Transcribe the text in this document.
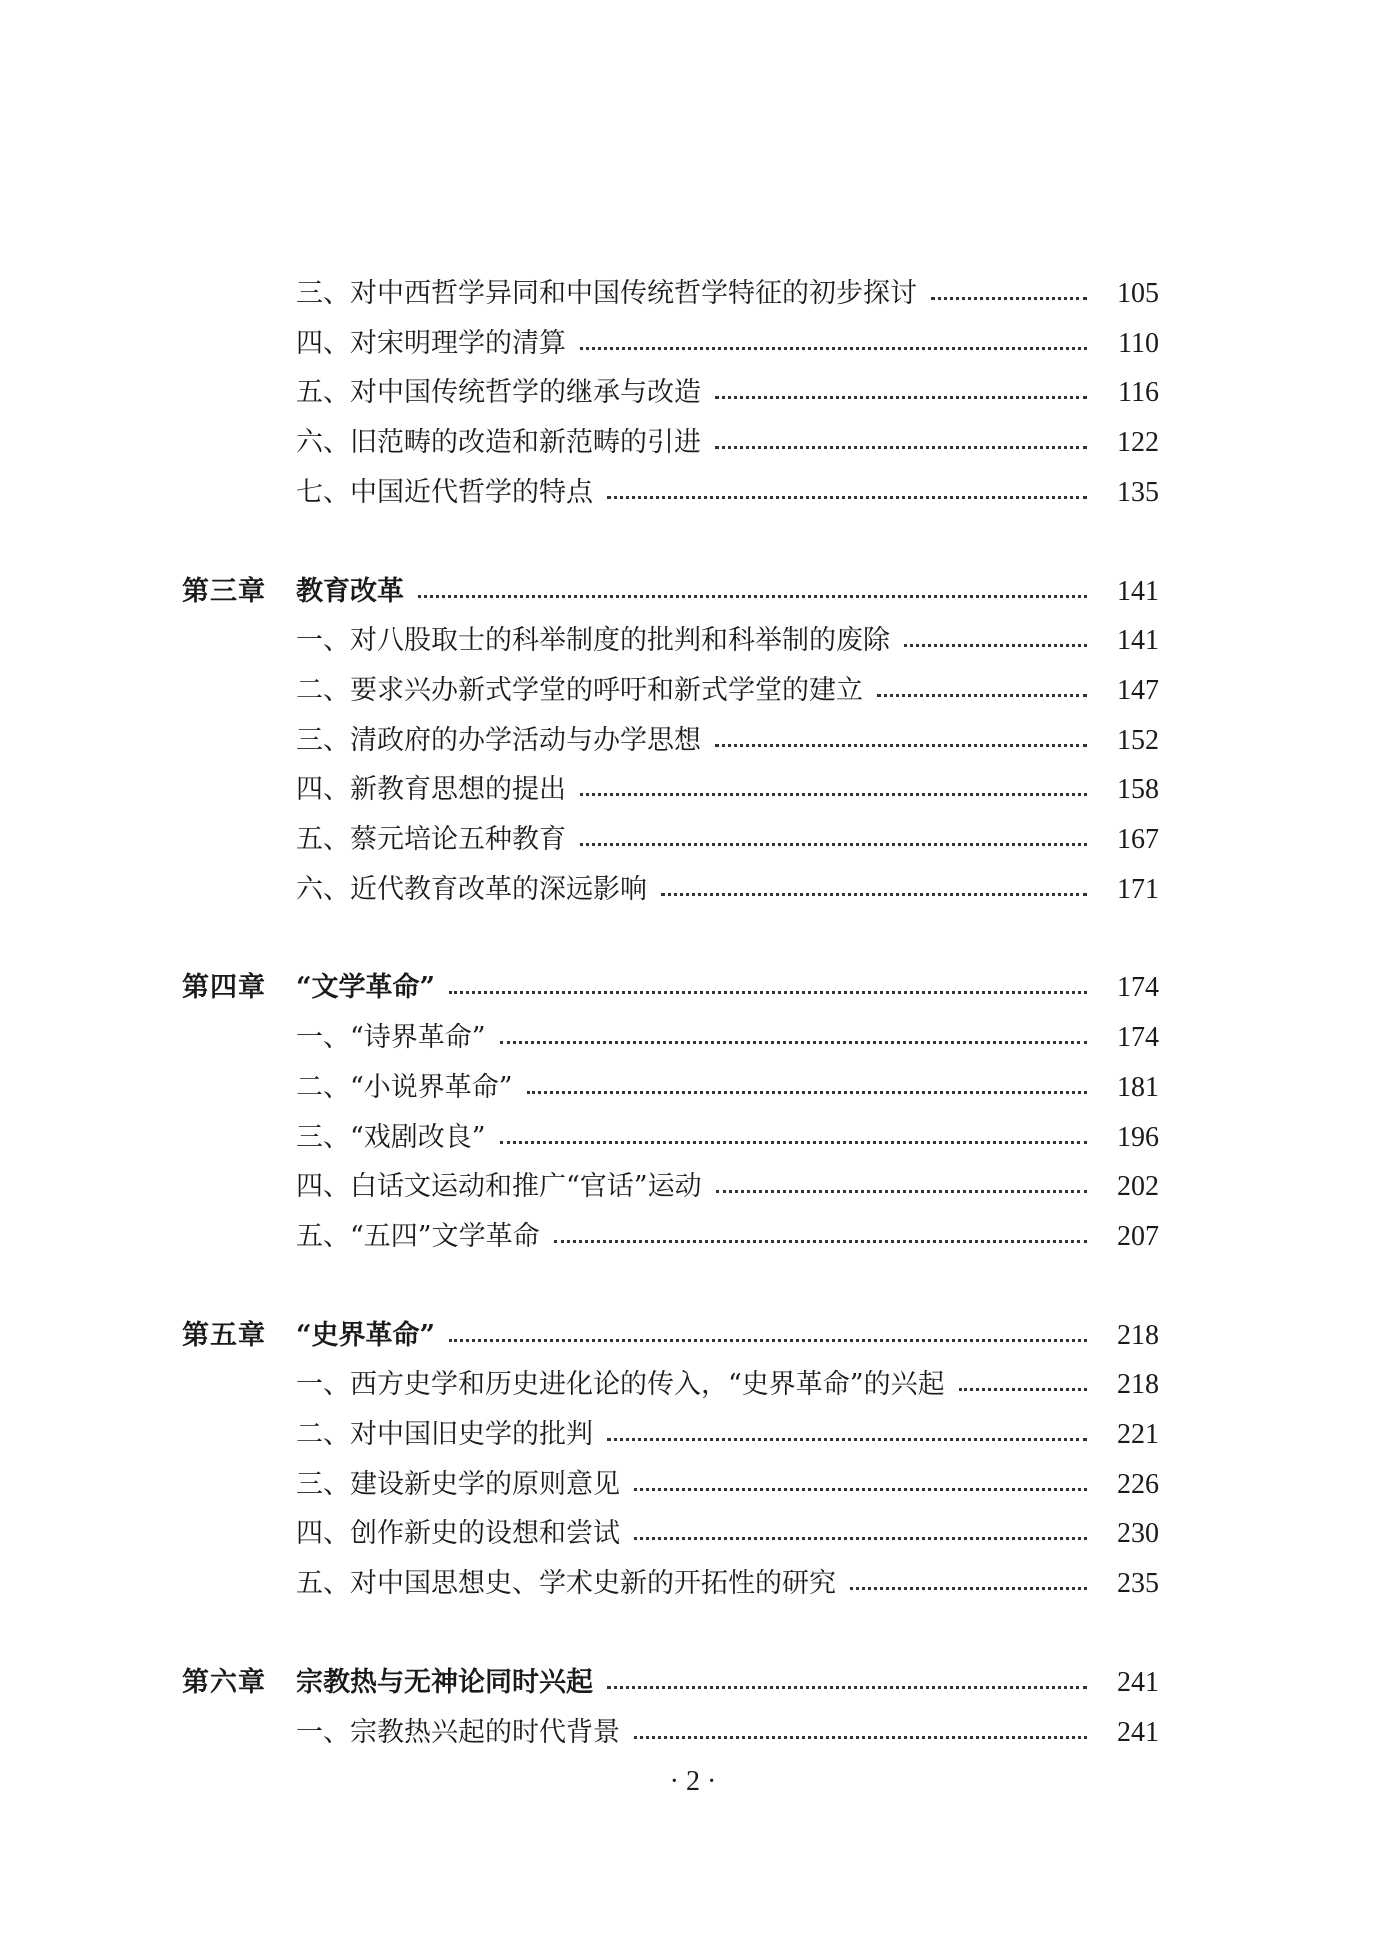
三、对中西哲学异同和中国传统哲学特征的初步探讨	105
四、对宋明理学的清算	110
五、对中国传统哲学的继承与改造	116
六、旧范畴的改造和新范畴的引进	122
七、中国近代哲学的特点	135
第三章 教育改革	141
一、对八股取士的科举制度的批判和科举制的废除	141
二、要求兴办新式学堂的呼吁和新式学堂的建立	147
三、清政府的办学活动与办学思想	152
四、新教育思想的提出	158
五、蔡元培论五种教育	167
六、近代教育改革的深远影响	171
第四章 “文学革命”	174
一、“诗界革命”	174
二、“小说界革命”	181
三、“戏剧改良”	196
四、白话文运动和推广“官话”运动	202
五、“五四”文学革命	207
第五章 “史界革命”	218
一、西方史学和历史进化论的传入，“史界革命”的兴起	218
二、对中国旧史学的批判	221
三、建设新史学的原则意见	226
四、创作新史的设想和尝试	230
五、对中国思想史、学术史新的开拓性的研究	235
第六章 宗教热与无神论同时兴起	241
一、宗教热兴起的时代背景	241
· 2 ·
